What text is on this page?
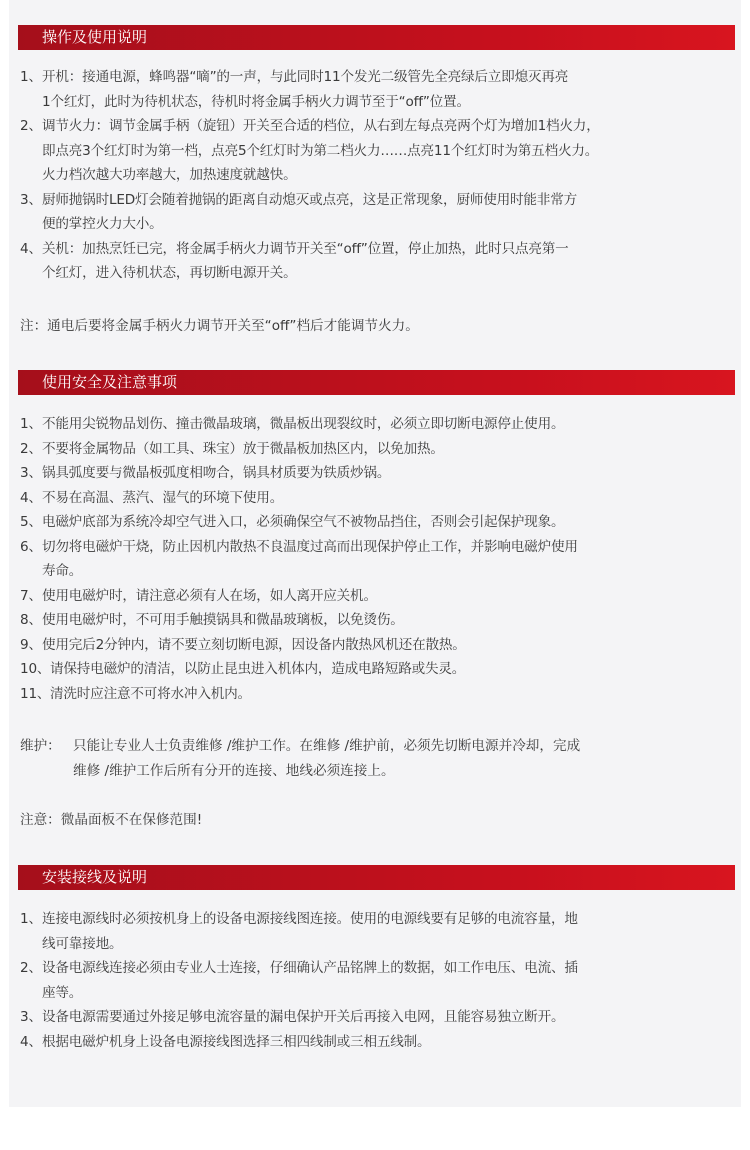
操作及使用说明
1、 开机：接通电源，蜂鸣器“嘀”的一声，与此同时11个发光二级管先全亮绿后立即熄灭再亮
1个红灯，此时为待机状态，待机时将金属手柄火力调节至于“off”位置。
2、 调节火力：调节金属手柄（旋钮）开关至合适的档位，从右到左每点亮两个灯为增加1档火力，
即点亮3个红灯时为第一档，点亮5个红灯时为第二档火力……点亮11个红灯时为第五档火力。
火力档次越大功率越大，加热速度就越快。
3、 厨师抛锅时LED灯会随着抛锅的距离自动熄灭或点亮，这是正常现象，厨师使用时能非常方
便的掌控火力大小。
4、 关机：加热烹饪已完，将金属手柄火力调节开关至“off”位置，停止加热，此时只点亮第一
个红灯，进入待机状态，再切断电源开关。
注：通电后要将金属手柄火力调节开关至“off”档后才能调节火力。
使用安全及注意事项
1、 不能用尖锐物品划伤、撞击微晶玻璃，微晶板出现裂纹时，必须立即切断电源停止使用。
2、 不要将金属物品（如工具、珠宝）放于微晶板加热区内，以免加热。
3、 锅具弧度要与微晶板弧度相吻合，锅具材质要为铁质炒锅。
4、 不易在高温、蒸汽、湿气的环境下使用。
5、 电磁炉底部为系统冷却空气进入口，必须确保空气不被物品挡住，否则会引起保护现象。
6、 切勿将电磁炉干烧，防止因机内散热不良温度过高而出现保护停止工作，并影响电磁炉使用
寿命。
7、 使用电磁炉时，请注意必须有人在场，如人离开应关机。
8、 使用电磁炉时，不可用手触摸锅具和微晶玻璃板，以免烫伤。
9、 使用完后2分钟内，请不要立刻切断电源，因设备内散热风机还在散热。
10、 请保持电磁炉的清洁，以防止昆虫进入机体内，造成电路短路或失灵。
11、 清洗时应注意不可将水冲入机内。
维护： 只能让专业人士负责维修 /维护工作。在维修 /维护前，必须先切断电源并冷却，完成
维修 /维护工作后所有分开的连接、地线必须连接上。
注意：微晶面板不在保修范围!
安装接线及说明
1、 连接电源线时必须按机身上的设备电源接线图连接。使用的电源线要有足够的电流容量，地
线可靠接地。
2、 设备电源线连接必须由专业人士连接，仔细确认产品铭牌上的数据，如工作电压、电流、插
座等。
3、 设备电源需要通过外接足够电流容量的漏电保护开关后再接入电网，且能容易独立断开。
4、 根据电磁炉机身上设备电源接线图选择三相四线制或三相五线制。
